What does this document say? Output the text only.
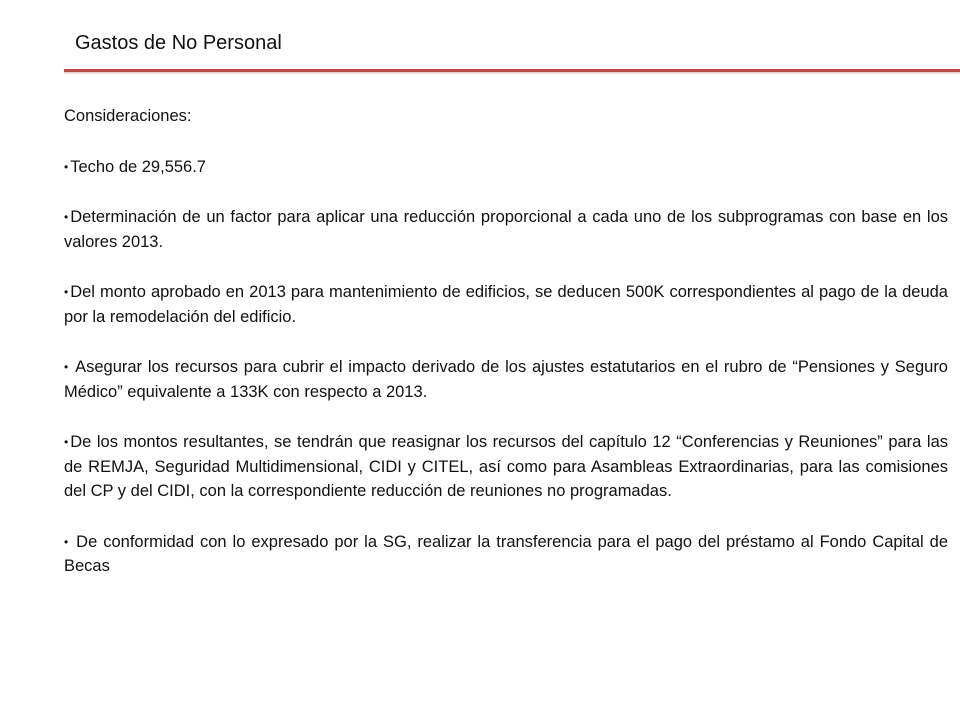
Gastos de No Personal
Consideraciones:
• Techo de 29,556.7
• Determinación de un factor para aplicar una reducción proporcional a cada uno de los subprogramas con base en los valores 2013.
• Del monto aprobado en 2013 para mantenimiento de edificios, se deducen 500K correspondientes al pago de la deuda por la remodelación del edificio.
• Asegurar los recursos para cubrir el impacto derivado de los ajustes estatutarios en el rubro de “Pensiones y Seguro Médico” equivalente a 133K con respecto a 2013.
• De los montos resultantes, se tendrán que reasignar los recursos del capítulo 12 “Conferencias y Reuniones” para las de REMJA, Seguridad Multidimensional, CIDI y CITEL, así como para Asambleas Extraordinarias, para las comisiones del CP y del CIDI, con la correspondiente reducción de reuniones no programadas.
• De conformidad con lo expresado por la SG, realizar la transferencia para el pago del préstamo al Fondo Capital de Becas
